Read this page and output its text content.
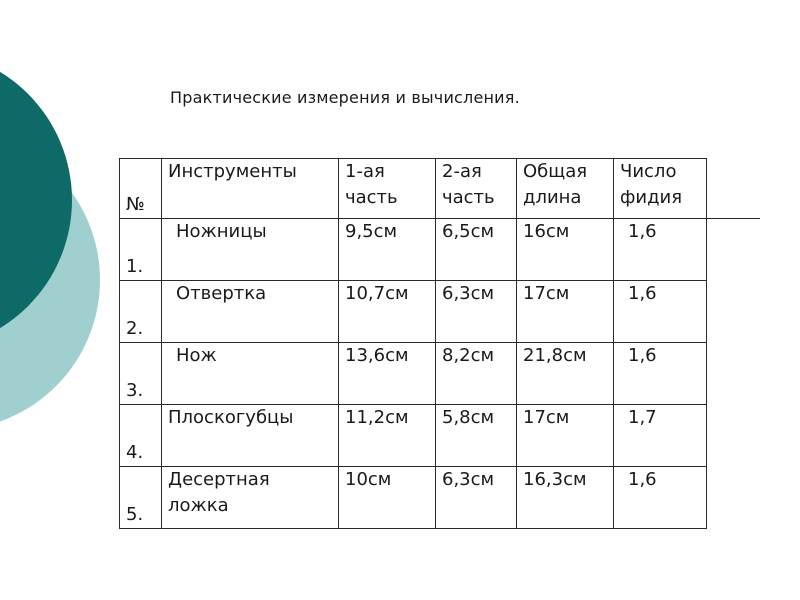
Практические измерения и вычисления.
№	Инструменты	1-ая часть	2-ая часть	Общая длина	Число фидия
1.	Ножницы	9,5см	6,5см	16см	1,6
2.	Отвертка	10,7см	6,3см	17см	1,6
3.	Нож	13,6см	8,2см	21,8см	1,6
4.	Плоскогубцы	11,2см	5,8см	17см	1,7
5.	Десертная ложка	10см	6,3см	16,3см	1,6
